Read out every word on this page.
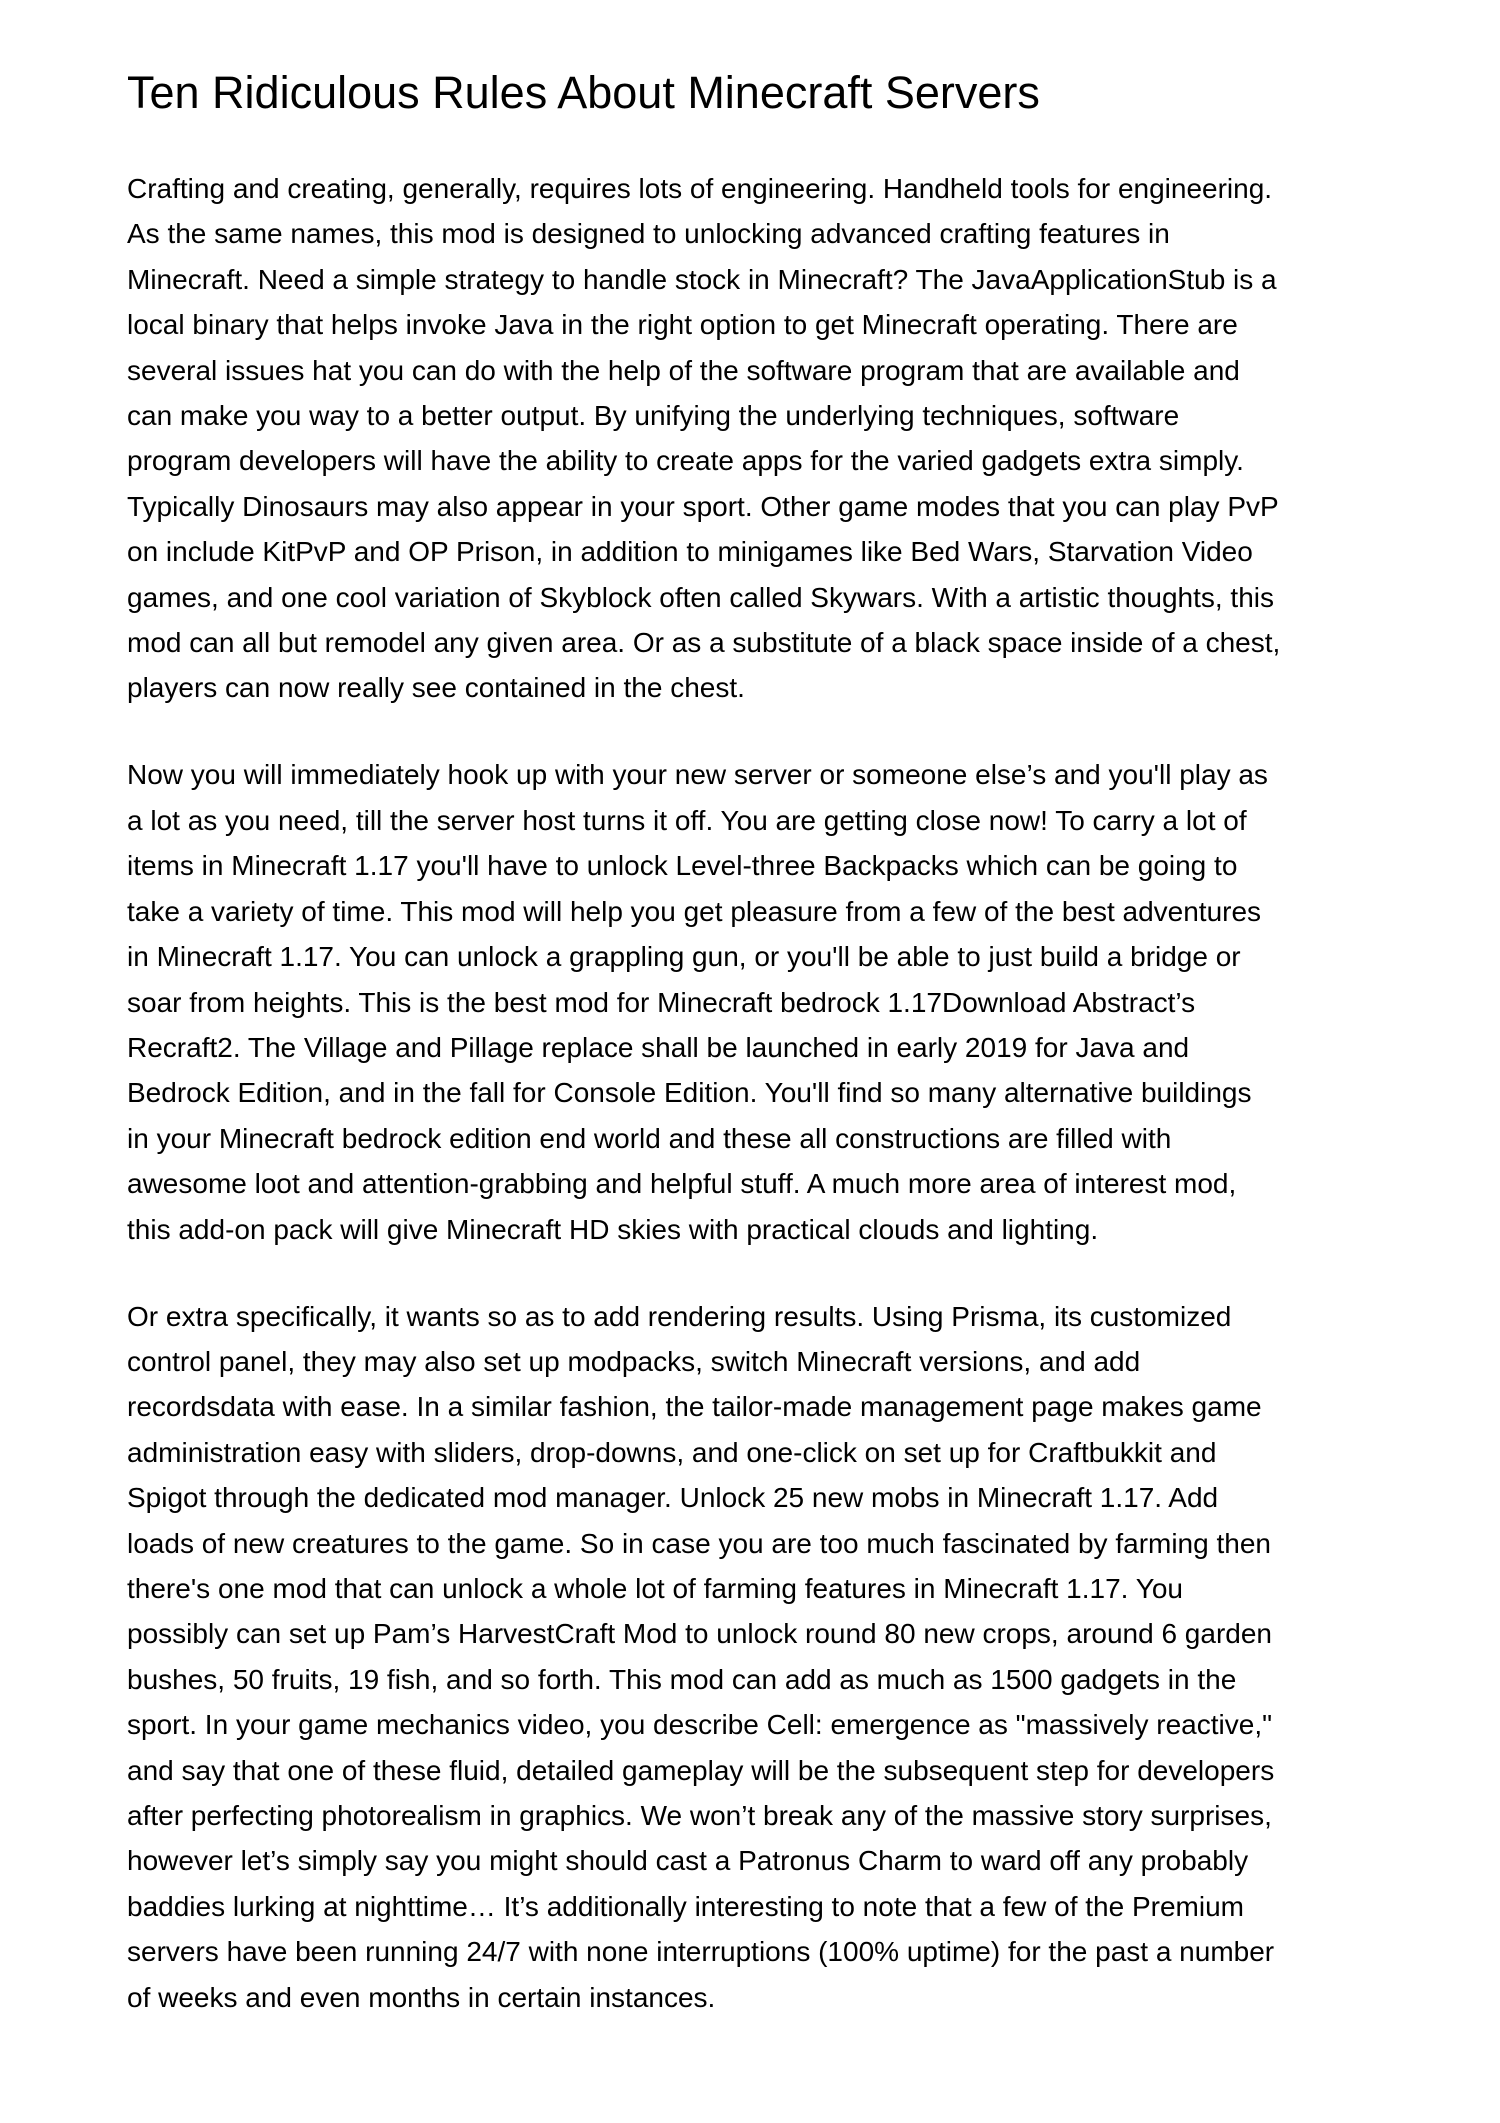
Ten Ridiculous Rules About Minecraft Servers

Crafting and creating, generally, requires lots of engineering. Handheld tools for engineering.
As the same names, this mod is designed to unlocking advanced crafting features in
Minecraft. Need a simple strategy to handle stock in Minecraft? The JavaApplicationStub is a
local binary that helps invoke Java in the right option to get Minecraft operating. There are
several issues hat you can do with the help of the software program that are available and
can make you way to a better output. By unifying the underlying techniques, software
program developers will have the ability to create apps for the varied gadgets extra simply.
Typically Dinosaurs may also appear in your sport. Other game modes that you can play PvP
on include KitPvP and OP Prison, in addition to minigames like Bed Wars, Starvation Video
games, and one cool variation of Skyblock often called Skywars. With a artistic thoughts, this
mod can all but remodel any given area. Or as a substitute of a black space inside of a chest,
players can now really see contained in the chest.

Now you will immediately hook up with your new server or someone else’s and you'll play as
a lot as you need, till the server host turns it off. You are getting close now! To carry a lot of
items in Minecraft 1.17 you'll have to unlock Level-three Backpacks which can be going to
take a variety of time. This mod will help you get pleasure from a few of the best adventures
in Minecraft 1.17. You can unlock a grappling gun, or you'll be able to just build a bridge or
soar from heights. This is the best mod for Minecraft bedrock 1.17Download Abstract’s
Recraft2. The Village and Pillage replace shall be launched in early 2019 for Java and
Bedrock Edition, and in the fall for Console Edition. You'll find so many alternative buildings
in your Minecraft bedrock edition end world and these all constructions are filled with
awesome loot and attention-grabbing and helpful stuff. A much more area of interest mod,
this add-on pack will give Minecraft HD skies with practical clouds and lighting.

Or extra specifically, it wants so as to add rendering results. Using Prisma, its customized
control panel, they may also set up modpacks, switch Minecraft versions, and add
recordsdata with ease. In a similar fashion, the tailor-made management page makes game
administration easy with sliders, drop-downs, and one-click on set up for Craftbukkit and
Spigot through the dedicated mod manager. Unlock 25 new mobs in Minecraft 1.17. Add
loads of new creatures to the game. So in case you are too much fascinated by farming then
there's one mod that can unlock a whole lot of farming features in Minecraft 1.17. You
possibly can set up Pam’s HarvestCraft Mod to unlock round 80 new crops, around 6 garden
bushes, 50 fruits, 19 fish, and so forth. This mod can add as much as 1500 gadgets in the
sport. In your game mechanics video, you describe Cell: emergence as "massively reactive,"
and say that one of these fluid, detailed gameplay will be the subsequent step for developers
after perfecting photorealism in graphics. We won’t break any of the massive story surprises,
however let’s simply say you might should cast a Patronus Charm to ward off any probably
baddies lurking at nighttime… It’s additionally interesting to note that a few of the Premium
servers have been running 24/7 with none interruptions (100% uptime) for the past a number
of weeks and even months in certain instances.
